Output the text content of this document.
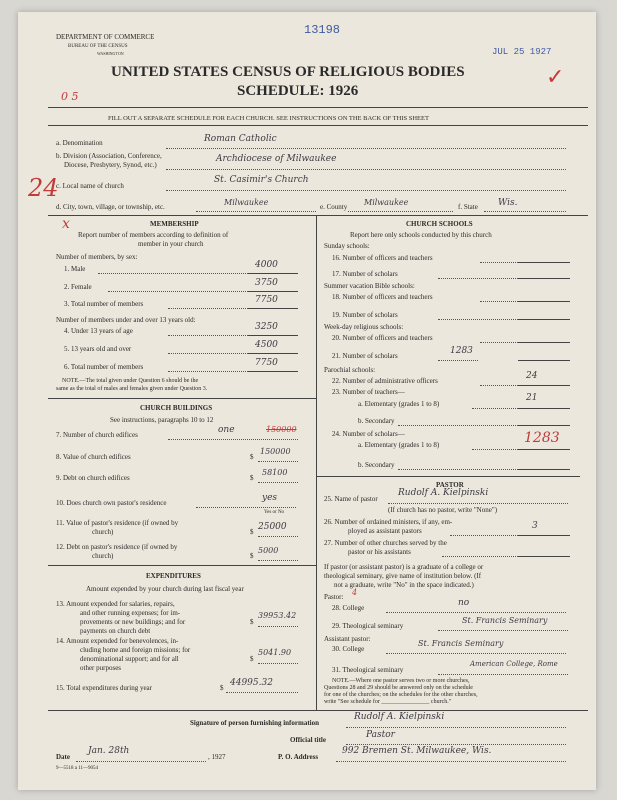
DEPARTMENT OF COMMERCE
BUREAU OF THE CENSUS
WASHINGTON
13198
JUL 25 1927
✓
UNITED STATES CENSUS OF RELIGIOUS BODIES
SCHEDULE: 1926
0 5
FILL OUT A SEPARATE SCHEDULE FOR EACH CHURCH. SEE INSTRUCTIONS ON THE BACK OF THIS SHEET
a. Denomination	Roman Catholic
b. Division (Association, Conference,
Diocese, Presbytery, Synod, etc.)
Archdiocese of Milwaukee
c. Local name of church
St. Casimir's Church
24
x
d. City, town, village, or township, etc.	Milwaukee	e. County Milwaukee	f. State Wis.
MEMBERSHIP
Report number of members according to definition of
member in your church
Number of members, by sex:
1. Male	4000
2. Female	3750
3. Total number of members	7750
Number of members under and over 13 years old:
4. Under 13 years of age	3250
5. 13 years old and over	4500
6. Total number of members	7750
NOTE.—The total given under Question 6 should be the
same as the total of males and females given under Question 3.
CHURCH BUILDINGS
See instructions, paragraphs 10 to 12
7. Number of church edifices	one	150000
8. Value of church edifices	$
150000
9. Debt on church edifices	$
58100
10. Does church own pastor's residence	yes
Yes or No
11. Value of pastor's residence (if owned by
church)	$ 25000
12. Debt on pastor's residence (if owned by
church)	$
5000
EXPENDITURES
Amount expended by your church during last fiscal year
13. Amount expended for salaries, repairs,
and other running expenses; for im-
provements or new buildings; and for
payments on church debt
$
39953.42
14. Amount expended for benevolences, in-
cluding home and foreign missions; for
denominational support; and for all
other purposes
$
5041.90
15. Total expenditures during year	$ 44995.32
CHURCH SCHOOLS
Report here only schools conducted by this church
Sunday schools:
16. Number of officers and teachers
17. Number of scholars
Summer vacation Bible schools:
18. Number of officers and teachers
19. Number of scholars
Week-day religious schools:
20. Number of officers and teachers
21. Number of scholars	1283
Parochial schools:
22. Number of administrative officers	24
23. Number of teachers—
a. Elementary (grades 1 to 8)
21
b. Secondary
24. Number of scholars—
a. Elementary (grades 1 to 8)	1283
b. Secondary
PASTOR
25. Name of pastor
Rudolf A. Kielpinski
(If church has no pastor, write "None")
26. Number of ordained ministers, if any, em-
ployed as assistant pastors	3
27. Number of other churches served by the
pastor or his assistants
If pastor (or assistant pastor) is a graduate of a college or
theological seminary, give name of institution below. (If
not a graduate, write "No" in the space indicated.)
Pastor: 4
28. College	no
29. Theological seminary
St. Francis Seminary
Assistant pastor:
30. College
St. Francis Seminary
31. Theological seminary
American College, Rome
NOTE.—Where one pastor serves two or more churches,
Questions 28 and 29 should be answered only on the schedule
for one of the churches; on the schedules for the other churches,
write "See schedule for ________________ church."
Signature of person furnishing information
Rudolf A. Kielpinski
Official title	Pastor
Date
Jan. 28th
, 1927	P. O. Address
992 Bremen St. Milwaukee, Wis.
9—5518 a 11—9054
